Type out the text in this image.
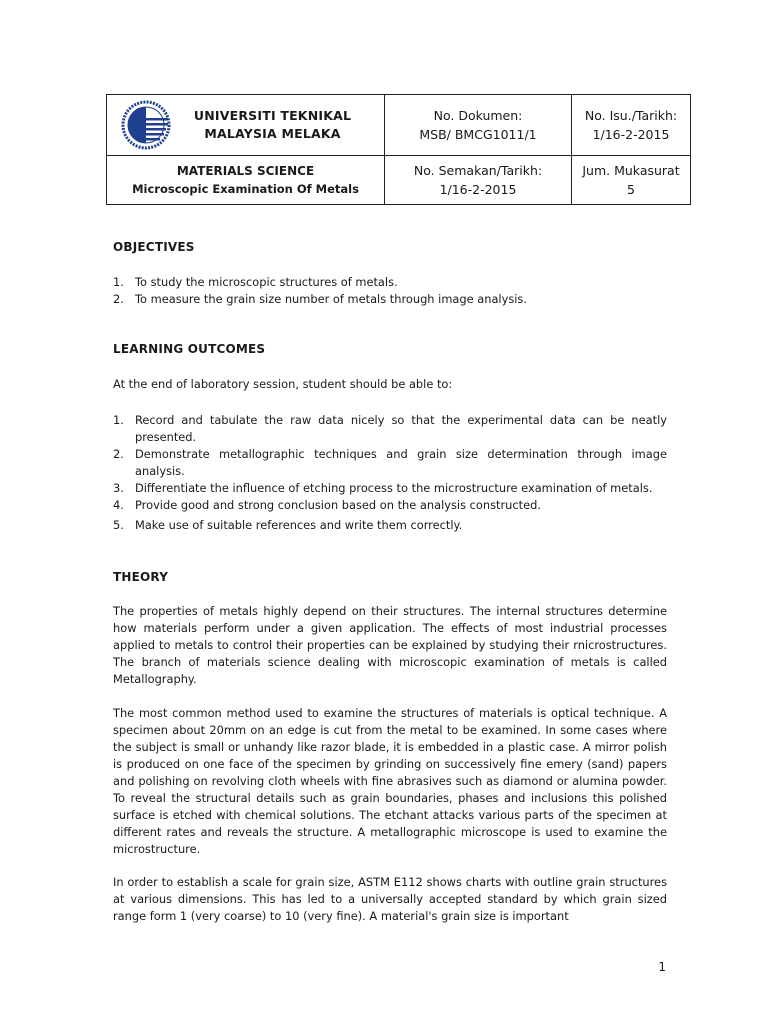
UNIVERSITI TEKNIKAL
MALAYSIA MELAKA
No. Dokumen:
MSB/ BMCG1011/1
No. Isu./Tarikh:
1/16-2-2015
MATERIALS SCIENCE
Microscopic Examination Of Metals
No. Semakan/Tarikh:
1/16-2-2015
Jum. Mukasurat
5
OBJECTIVES
1. To study the microscopic structures of metals.
2. To measure the grain size number of metals through image analysis.
LEARNING OUTCOMES
At the end of laboratory session, student should be able to:
1. Record and tabulate the raw data nicely so that the experimental data can be neatly presented.
2. Demonstrate metallographic techniques and grain size determination through image analysis.
3. Differentiate the influence of etching process to the microstructure examination of metals.
4. Provide good and strong conclusion based on the analysis constructed.
5. Make use of suitable references and write them correctly.
THEORY
The properties of metals highly depend on their structures. The internal structures determine how materials perform under a given application. The effects of most industrial processes applied to metals to control their properties can be explained by studying their rnicrostructures. The branch of materials science dealing with microscopic examination of metals is called Metallography.
The most common method used to examine the structures of materials is optical technique. A specimen about 20mm on an edge is cut from the metal to be examined. In some cases where the subject is small or unhandy like razor blade, it is embedded in a plastic case. A mirror polish is produced on one face of the specimen by grinding on successively fine emery (sand) papers and polishing on revolving cloth wheels with fine abrasives such as diamond or alumina powder. To reveal the structural details such as grain boundaries, phases and inclusions this polished surface is etched with chemical solutions. The etchant attacks various parts of the specimen at different rates and reveals the structure. A metallographic microscope is used to examine the microstructure.
In order to establish a scale for grain size, ASTM E112 shows charts with outline grain structures at various dimensions. This has led to a universally accepted standard by which grain sized range form 1 (very coarse) to 10 (very fine). A material's grain size is important
1
